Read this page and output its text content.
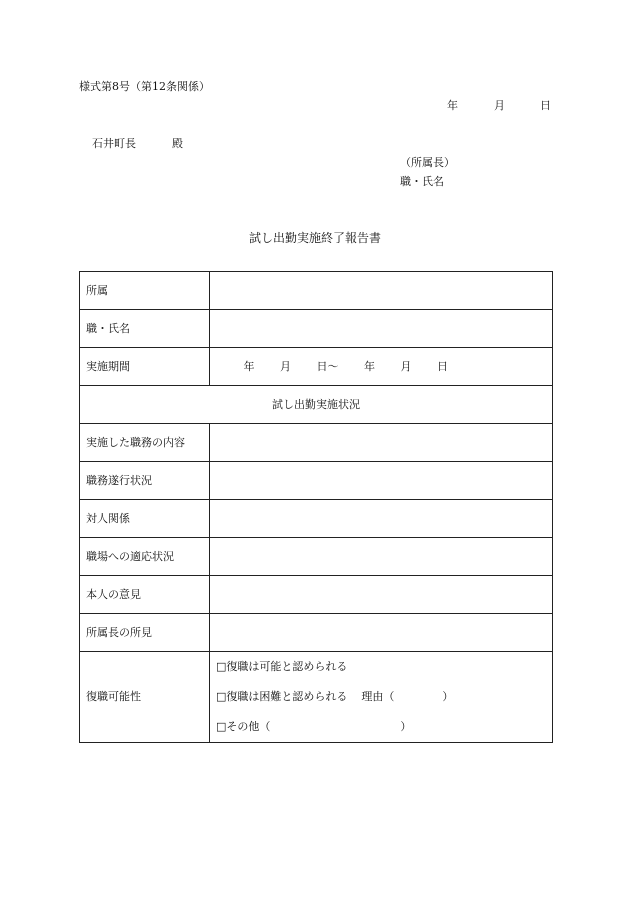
様式第8号（第12条関係）
年	月	日
石井町長	殿
（所属長）
職・氏名
試し出勤実施終了報告書
所属	
職・氏名	
実施期間	年 月 日〜 年 月 日
試し出勤実施状況	
実施した職務の内容	
職務遂行状況	
対人関係	
職場への適応状況	
本人の意見	
所属長の所見	
復職可能性	□復職は可能と認められる
□復職は困難と認められる 理由（ ）
□その他（ ）
